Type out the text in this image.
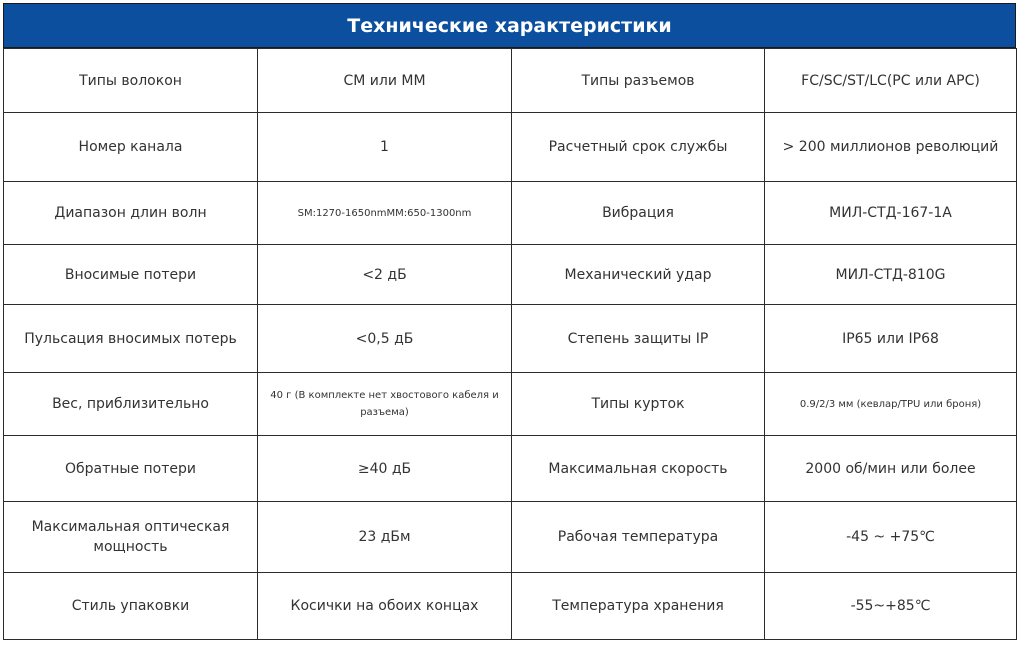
Технические характеристики
Типы волокон	СМ или ММ	Типы разъемов	FC/SC/ST/LC(PC или APC)
Номер канала	1	Расчетный срок службы	> 200 миллионов революций
Диапазон длин волн	SM:1270-1650nmMM:650-1300nm	Вибрация	МИЛ-СТД-167-1А
Вносимые потери	<2 дБ	Механический удар	МИЛ-СТД-810G
Пульсация вносимых потерь	<0,5 дБ	Степень защиты IP	IP65 или IP68
Вес, приблизительно	40 г (В комплекте нет хвостового кабеля и разъема)	Типы курток	0.9/2/3 мм (кевлар/TPU или броня)
Обратные потери	≥40 дБ	Максимальная скорость	2000 об/мин или более
Максимальная оптическая мощность	23 дБм	Рабочая температура	-45 ~ +75℃
Стиль упаковки	Косички на обоих концах	Температура хранения	-55~+85℃
